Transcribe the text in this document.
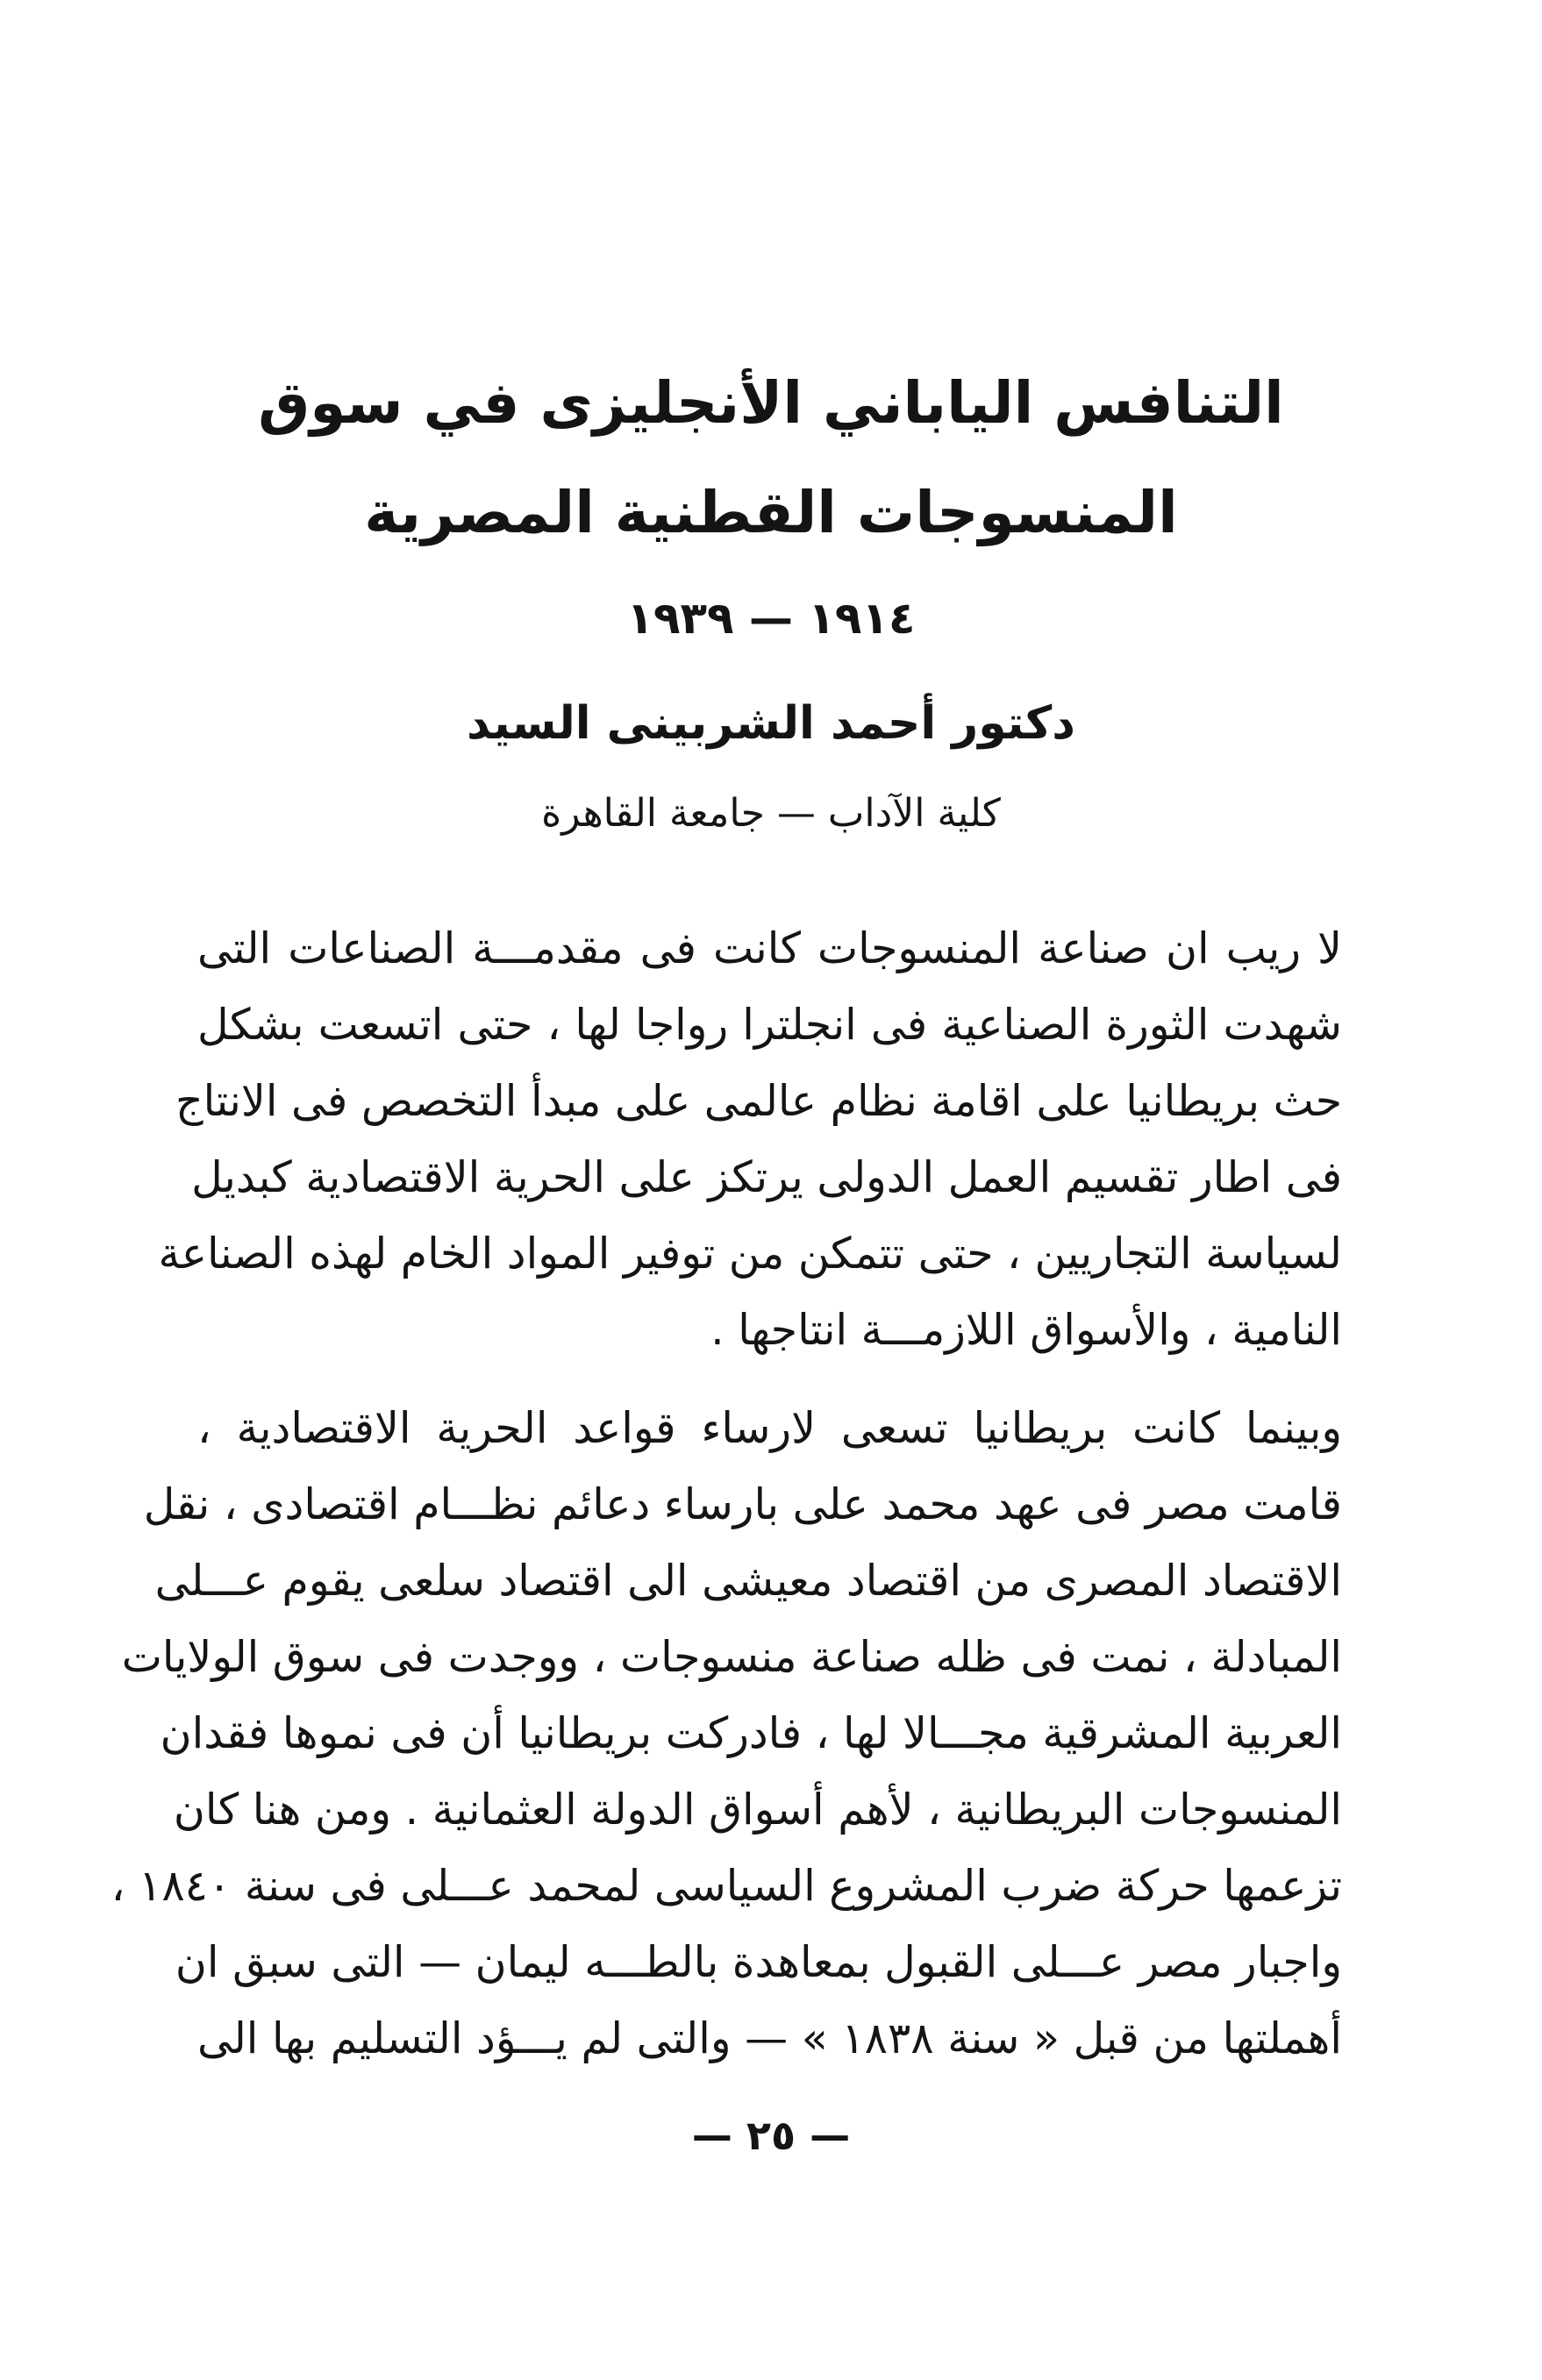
التنافس الياباني الأنجليزى في سوق
المنسوجات القطنية المصرية
١٩١٤ — ١٩٣٩
دكتور أحمد الشربينى السيد
كلية الآداب — جامعة القاهرة
لا ريب ان صناعة المنسوجات كانت فى مقدمـــة الصناعات التى
شهدت الثورة الصناعية فى انجلترا رواجا لها ، حتى اتسعت بشكل
حث بريطانيا على اقامة نظام عالمى على مبدأ التخصص فى الانتاج
فى اطار تقسيم العمل الدولى يرتكز على الحرية الاقتصادية كبديل
لسياسة التجاريين ، حتى تتمكن من توفير المواد الخام لهذه الصناعة
النامية ، والأسواق اللازمـــة انتاجها .
وبينما كانت بريطانيا تسعى لارساء قواعد الحرية الاقتصادية ،
قامت مصر فى عهد محمد على بارساء دعائم نظـــام اقتصادى ، نقل
الاقتصاد المصرى من اقتصاد معيشى الى اقتصاد سلعى يقوم عـــلى
المبادلة ، نمت فى ظله صناعة منسوجات ، ووجدت فى سوق الولايات
العربية المشرقية مجـــالا لها ، فادركت بريطانيا أن فى نموها فقدان
المنسوجات البريطانية ، لأهم أسواق الدولة العثمانية . ومن هنا كان
تزعمها حركة ضرب المشروع السياسى لمحمد عـــلى فى سنة ١٨٤٠ ،
واجبار مصر عـــلى القبول بمعاهدة بالطـــه ليمان — التى سبق ان
أهملتها من قبل « سنة ١٨٣٨ » — والتى لم يـــؤد التسليم بها الى
— ٢٥ —
